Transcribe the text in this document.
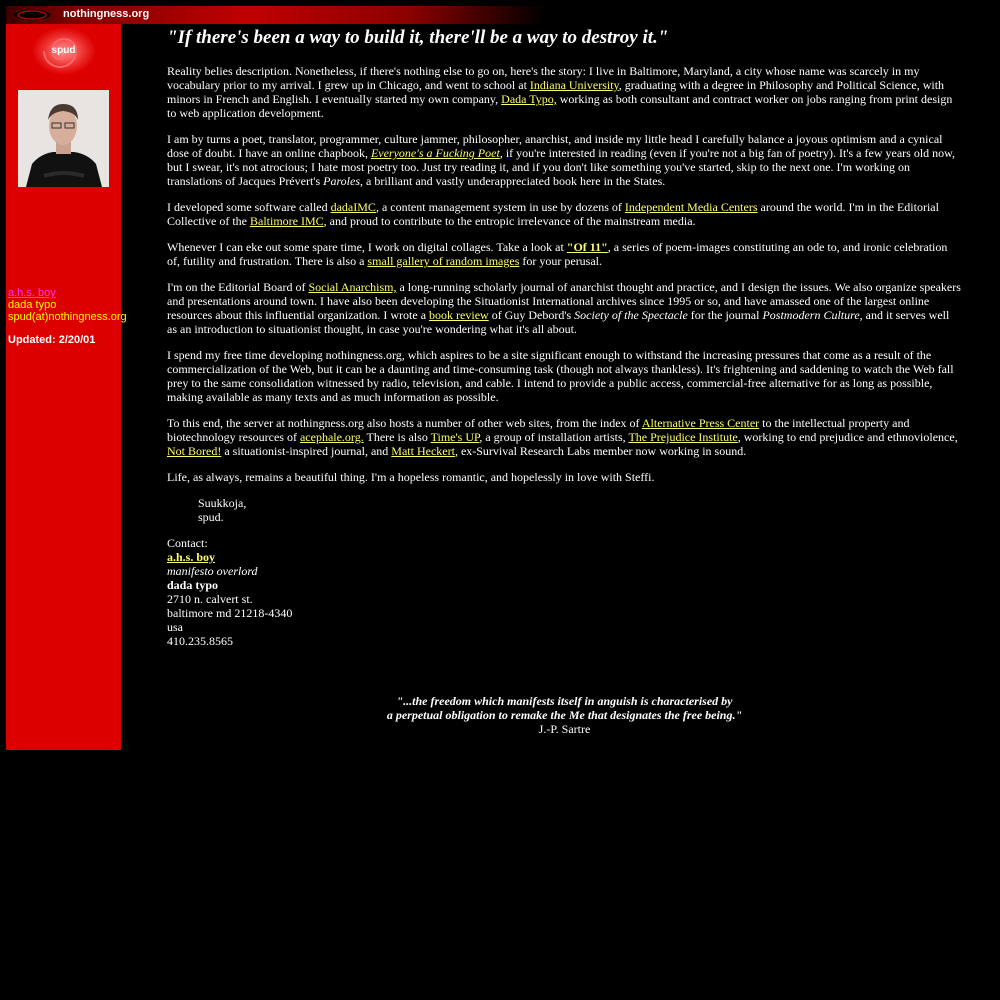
nothingness.org
spud
a.h.s. boy
dada typo
spud(at)nothingness.org
Updated: 2/20/01
"If there's been a way to build it, there'll be a way to destroy it."

Reality belies description. Nonetheless, if there's nothing else to go on, here's the story: I live in Baltimore, Maryland, a city whose name was scarcely in my vocabulary prior to my arrival. I grew up in Chicago, and went to school at Indiana University, graduating with a degree in Philosophy and Political Science, with minors in French and English. I eventually started my own company, Dada Typo, working as both consultant and contract worker on jobs ranging from print design to web application development.

I am by turns a poet, translator, programmer, culture jammer, philosopher, anarchist, and inside my little head I carefully balance a joyous optimism and a cynical dose of doubt. I have an online chapbook, Everyone's a Fucking Poet, if you're interested in reading (even if you're not a big fan of poetry). It's a few years old now, but I swear, it's not atrocious; I hate most poetry too. Just try reading it, and if you don't like something you've started, skip to the next one. I'm working on translations of Jacques Prévert's Paroles, a brilliant and vastly underappreciated book here in the States.

I developed some software called dadaIMC, a content management system in use by dozens of Independent Media Centers around the world. I'm in the Editorial Collective of the Baltimore IMC, and proud to contribute to the entropic irrelevance of the mainstream media.

Whenever I can eke out some spare time, I work on digital collages. Take a look at "Of 11", a series of poem-images constituting an ode to, and ironic celebration of, futility and frustration. There is also a small gallery of random images for your perusal.

I'm on the Editorial Board of Social Anarchism, a long-running scholarly journal of anarchist thought and practice, and I design the issues. We also organize speakers and presentations around town. I have also been developing the Situationist International archives since 1995 or so, and have amassed one of the largest online resources about this influential organization. I wrote a book review of Guy Debord's Society of the Spectacle for the journal Postmodern Culture, and it serves well as an introduction to situationist thought, in case you're wondering what it's all about.

I spend my free time developing nothingness.org, which aspires to be a site significant enough to withstand the increasing pressures that come as a result of the commercialization of the Web, but it can be a daunting and time-consuming task (though not always thankless). It's frightening and saddening to watch the Web fall prey to the same consolidation witnessed by radio, television, and cable. I intend to provide a public access, commercial-free alternative for as long as possible, making available as many texts and as much information as possible.

To this end, the server at nothingness.org also hosts a number of other web sites, from the index of Alternative Press Center to the intellectual property and biotechnology resources of acephale.org. There is also Time's UP, a group of installation artists, The Prejudice Institute, working to end prejudice and ethnoviolence, Not Bored! a situationist-inspired journal, and Matt Heckert, ex-Survival Research Labs member now working in sound.

Life, as always, remains a beautiful thing. I'm a hopeless romantic, and hopelessly in love with Steffi.

Suukkoja,
spud.
Contact:
a.h.s. boy
manifesto overlord
dada typo
2710 n. calvert st.
baltimore md 21218-4340
usa
410.235.8565
"...the freedom which manifests itself in anguish is characterised by
a perpetual obligation to remake the Me that designates the free being."
J.-P. Sartre
